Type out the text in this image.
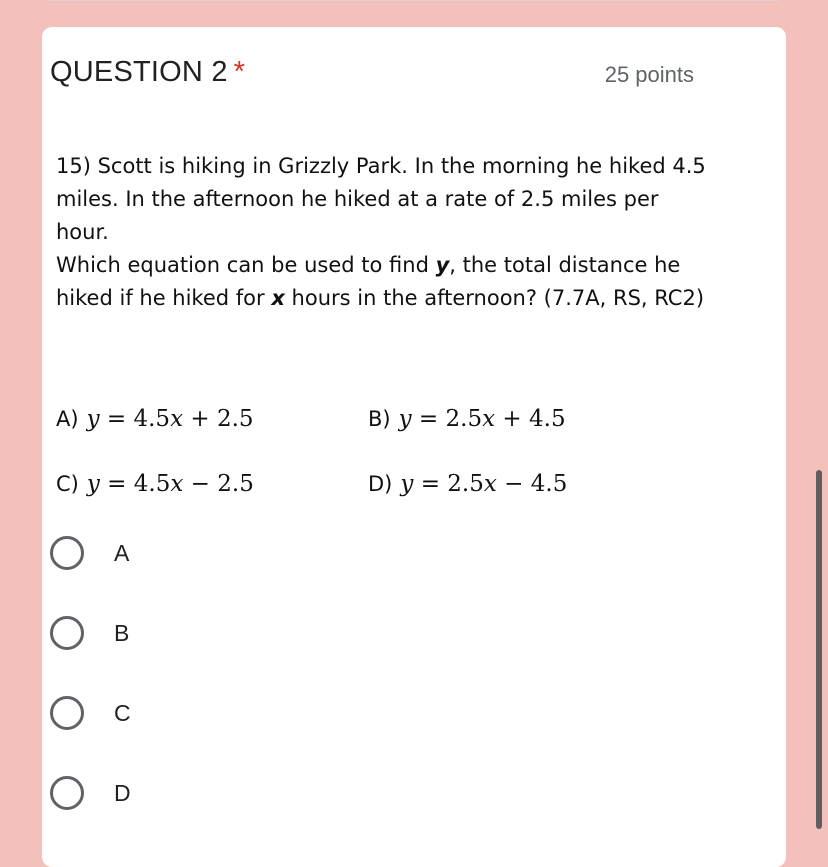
QUESTION 2 *	25 points

15) Scott is hiking in Grizzly Park. In the morning he hiked 4.5 miles. In the afternoon he hiked at a rate of 2.5 miles per hour.
Which equation can be used to find y, the total distance he hiked if he hiked for x hours in the afternoon? (7.7A, RS, RC2)

A) y = 4.5x + 2.5	B) y = 2.5x + 4.5
C) y = 4.5x − 2.5	D) y = 2.5x − 4.5
A
B
C
D
